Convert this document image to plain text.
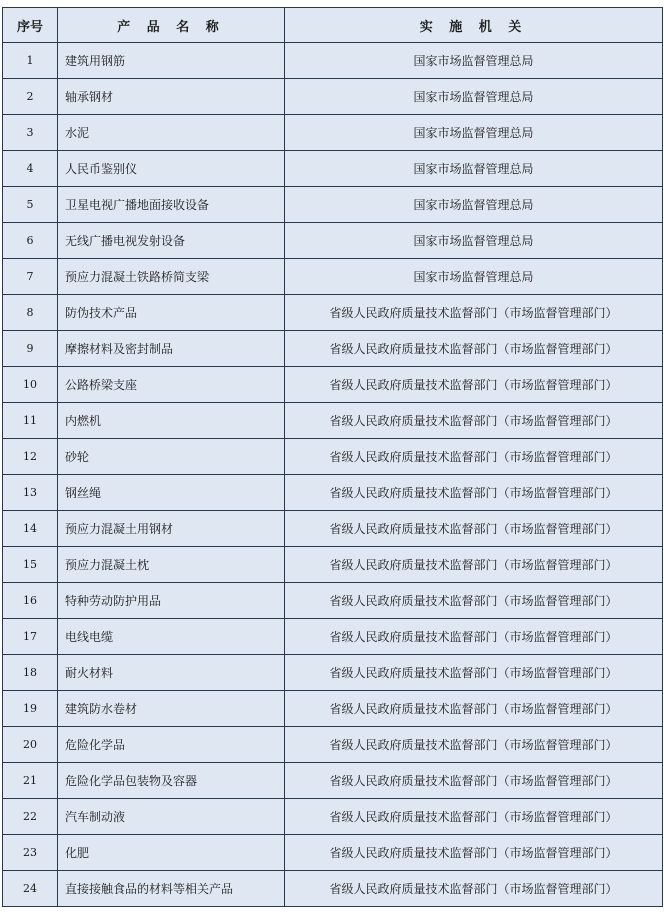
序号	产 品 名 称	实 施 机 关
1	建筑用钢筋	国家市场监督管理总局
2	轴承钢材	国家市场监督管理总局
3	水泥	国家市场监督管理总局
4	人民币鉴别仪	国家市场监督管理总局
5	卫星电视广播地面接收设备	国家市场监督管理总局
6	无线广播电视发射设备	国家市场监督管理总局
7	预应力混凝土铁路桥简支梁	国家市场监督管理总局
8	防伪技术产品	省级人民政府质量技术监督部门（市场监督管理部门）
9	摩擦材料及密封制品	省级人民政府质量技术监督部门（市场监督管理部门）
10	公路桥梁支座	省级人民政府质量技术监督部门（市场监督管理部门）
11	内燃机	省级人民政府质量技术监督部门（市场监督管理部门）
12	砂轮	省级人民政府质量技术监督部门（市场监督管理部门）
13	钢丝绳	省级人民政府质量技术监督部门（市场监督管理部门）
14	预应力混凝土用钢材	省级人民政府质量技术监督部门（市场监督管理部门）
15	预应力混凝土枕	省级人民政府质量技术监督部门（市场监督管理部门）
16	特种劳动防护用品	省级人民政府质量技术监督部门（市场监督管理部门）
17	电线电缆	省级人民政府质量技术监督部门（市场监督管理部门）
18	耐火材料	省级人民政府质量技术监督部门（市场监督管理部门）
19	建筑防水卷材	省级人民政府质量技术监督部门（市场监督管理部门）
20	危险化学品	省级人民政府质量技术监督部门（市场监督管理部门）
21	危险化学品包装物及容器	省级人民政府质量技术监督部门（市场监督管理部门）
22	汽车制动液	省级人民政府质量技术监督部门（市场监督管理部门）
23	化肥	省级人民政府质量技术监督部门（市场监督管理部门）
24	直接接触食品的材料等相关产品	省级人民政府质量技术监督部门（市场监督管理部门）
